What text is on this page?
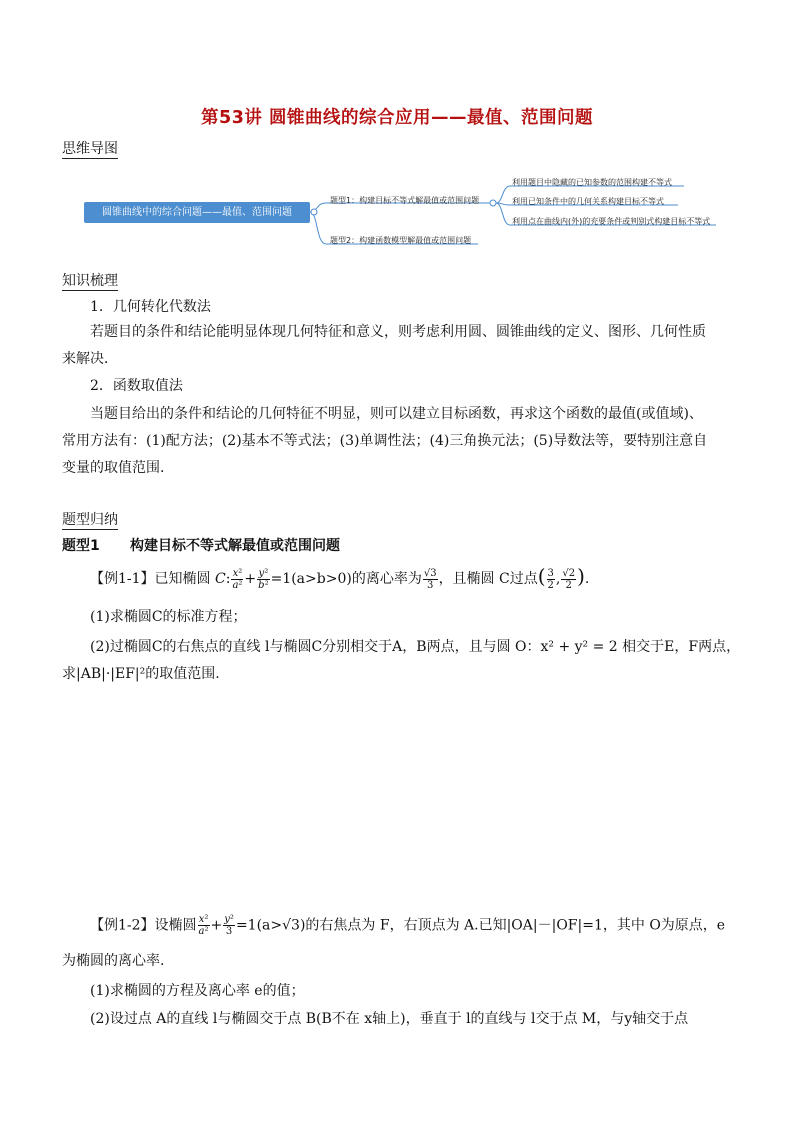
第53讲 圆锥曲线的综合应用——最值、范围问题
思维导图
圆锥曲线中的综合问题——最值、范围问题
题型1：构建目标不等式解最值或范围问题
题型2：构建函数模型解最值或范围问题
利用题目中隐藏的已知参数的范围构建不等式
利用已知条件中的几何关系构建目标不等式
利用点在曲线内(外)的充要条件或判别式构建目标不等式
知识梳理
1．几何转化代数法
若题目的条件和结论能明显体现几何特征和意义，则考虑利用圆、圆锥曲线的定义、图形、几何性质
来解决．
2．函数取值法
当题目给出的条件和结论的几何特征不明显，则可以建立目标函数，再求这个函数的最值(或值域)、
常用方法有：(1)配方法；(2)基本不等式法；(3)单调性法；(4)三角换元法；(5)导数法等，要特别注意自
变量的取值范围.
题型归纳
题型1 构建目标不等式解最值或范围问题
【例1-1】已知椭圆 C: $\frac{\text{x²}}{\text{a²}} + \frac{\text{y²}}{\text{b²}} =1(a>b>0)$的离心率为 $\frac{√3}{3}$ ，且椭圆 C过点( $\frac{3}{2}$ , $\frac{√2}{2}$ ).
(1)求椭圆C的标准方程；
(2)过椭圆C的右焦点的直线 l与椭圆C分别相交于A，B两点，且与圆 O：x² + y² = 2 相交于E，F两点，
求|AB|·|EF|²的取值范围.
【例1-2】设椭圆 $\frac{\text{x²}}{\text{a²}} + \frac{\text{y²}}{3} =1(a>√3)$的右焦点为 F，右顶点为 A.已知|OA|－|OF|=1，其中 O为原点，e
为椭圆的离心率.
(1)求椭圆的方程及离心率 e的值；
(2)设过点 A的直线 l与椭圆交于点 B(B不在 x轴上)，垂直于 l的直线与 l交于点 M，与y轴交于点
